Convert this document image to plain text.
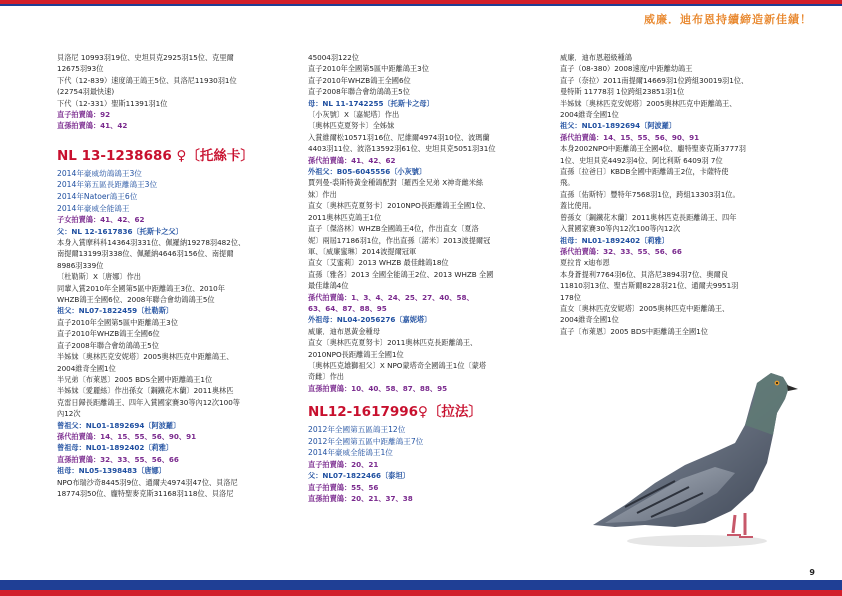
威廉．迪布恩持續締造新佳績！
貝洛尼 10993羽19位、史坦貝克2925羽15位、克里爾
12675羽93位
下代（12-839）速度鴿王鴿王5位、貝洛尼11930羽1位
(22754羽最快速)
下代（12-331）聖斯11391羽1位
直子拍賣鴿：92
直孫拍賣鴿：41、42
NL 13-1238686 ♀〔托絲卡〕
2014年豪威幼鴿鴿王3位
2014年第五區長距離鴿王3位
2014年Natoer鴿王6位
2014年豪威全能鴿王
子女拍賣鴿：41、42、62
父：NL 12-1617836〔托斯卡之父〕
本身入賞摩科科14364羽331位、佩羅納19278羽482位、
南提爾13199羽338位、佩羅納4646羽156位、南提爾
8986羽339位
〔杜勒斯〕X〔唐娜〕作出
同輩入賞2010年全國第5區中距離鴿王3位、2010年
WHZB鴿王全國6位、2008年聯合會幼鴿鴿王5位
祖父：NL07-1822459〔杜勒斯〕
直子2010年全國第5區中距離鴿王3位
直子2010年WHZB鴿王全國6位
直子2008年聯合會幼鴿鴿王5位
半姊妹〔奧林匹克安妮塔〕2005奧林匹克中距離鴿王、
2004維奇全國1位
半兄弟〔布萊恩〕2005 BDS全國中距離鴿王1位
半姊妹〔愛麗絲〕作出孫女〔鋼鐵花木蘭〕2011奧林匹
克雷日歸長距離鴿王、四年入賞國家賽30等內12次100等
內12次
曾祖父：NL01-1892694〔阿波羅〕
孫代拍賣鴿：14、15、55、56、90、91
曾祖母：NL01-1892402〔莉雅〕
直孫拍賣鴿：32、33、55、56、66
祖母：NL05-1398483〔唐娜〕
NPO布瑞沙奇8445羽9位、通爾夫4974羽47位、貝洛尼
18774羽50位、龐特聖麥克斯31168羽118位、貝洛尼
45004羽122位
直子2010年全國第5區中距離鴿王3位
直子2010年WHZB鴿王全國6位
直子2008年聯合會幼鴿鴿王5位
母：NL 11-1742255〔托斯卡之母〕
〔小灰號〕X〔嘉妮塔〕作出
〔奧林匹克夏努卡〕全姊妹
入賞維爾松10571羽16位、尼維爾4974羽10位、波瑪蘭
4403羽11位、波洛13592羽61位、史坦貝克5051羽31位
孫代拍賣鴿：41、42、62
外祖父：B05-6045556〔小灰號〕
賈列曼-裘斯特黃金種鴿配對〔羅西全兄弟 X神奇雌米絲
妹〕作出
直女〔奧林匹克夏努卡〕2010NPO長距離鴿王全國1位、
2011奧林匹克鴿王1位
直子〔傑洛林〕WHZB全國鴿王4位，作出直女〔夏洛
妮〕兩屆17186羽1位，作出直孫〔諾米〕2013波提爾冠
軍、〔威廉蜜琳〕2014波提爾冠軍
直女〔艾蜜莉〕2013 WHZB 最佳雌鴿18位
直孫〔雅各〕2013 全國全能鴿王2位、2013 WHZB 全國
最佳雄鴿4位
孫代拍賣鴿：1、3、4、24、25、27、40、58、
63、64、87、88、95
外祖母：NL04-2056276〔嘉妮塔〕
威廉．迪布恩黃金種母
直女〔奧林匹克夏努卡〕2011奧林匹克長距離鴿王、
2010NPO長距離鴿王全國1位
〔奧林匹克雄獅祖父〕X NPO蒙塔奇全國鴿王1位〔蒙塔
奇雌〕作出
直孫拍賣鴿：10、40、58、87、88、95
NL12-1617996♀〔拉法〕
2012年全國第五區鴿王12位
2012年全國第五區中距離鴿王7位
2014年豪威全能鴿王1位
直子拍賣鴿：20、21
父：NL07-1822466〔泰坦〕
直子拍賣鴿：55、56
直孫拍賣鴿：20、21、37、38
威廉．迪布恩超級種鴿
直子（08-380）2008速度/中距離幼鴿王
直子（奈拉）2011南提爾14669羽1位跨組30019羽1位、
曼特斯 11778羽 1位跨組23851羽1位
半姊妹〔奧林匹克安妮塔〕2005奧林匹克中距離鴿王、
2004維奇全國1位
祖父：NL01-1892694〔阿波羅〕
孫代拍賣鴿：14、15、55、56、90、91
本身2002NPO中距離鴿王全國4位、龐特聖麥克斯3777羽
1位、史坦貝克4492羽4位、阿比利斯 6409羽 7位
直孫〔拉爸日〕KBDB全國中距離鴿王2位，卡薩特使
飛。
直孫〔佑斯特〕豐特年7568羽1位，跨組13303羽1位。
蓋比使用。
曾孫女〔鋼鐵花木蘭〕2011奧林匹克長距離鴿王、四年
入賞國家賽30等內12次100等內12次
祖母：NL01-1892402〔莉雅〕
孫代拍賣鴿：32、33、55、56、66
夏拉肯 x迪布恩
本身蒼提利7764羽6位、貝洛尼3894羽7位、奧爾良
11810羽13位、聖吉斯爾8228羽21位、通爾夫9951羽
178位
直女〔奧林匹克安妮塔〕2005奧林匹克中距離鴿王、
2004維奇全國1位
直子〔布萊恩〕2005 BDS中距離鴿王全國1位
9
